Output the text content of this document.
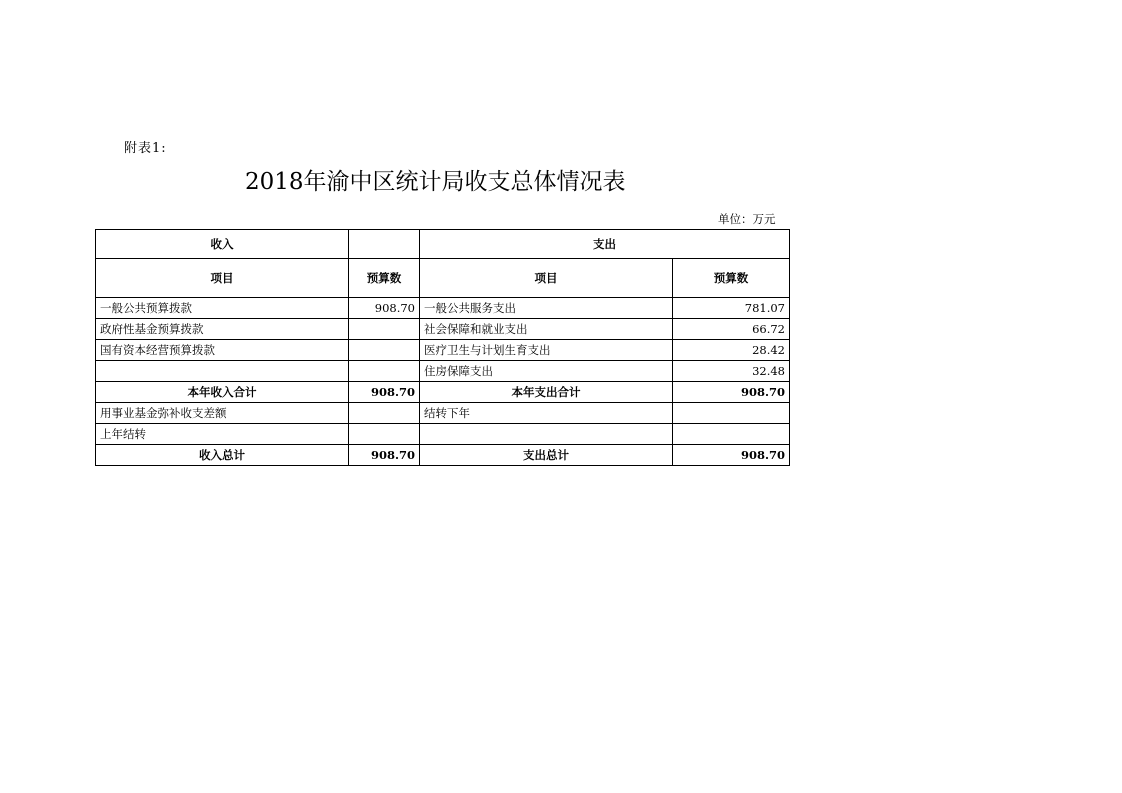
附表1:
2018年渝中区统计局收支总体情况表
单位：万元
收入		支出	
项目	预算数	项目	预算数
一般公共预算拨款	908.70	一般公共服务支出	781.07
政府性基金预算拨款		社会保障和就业支出	66.72
国有资本经营预算拨款		医疗卫生与计划生育支出	28.42
		住房保障支出	32.48
本年收入合计	908.70	本年支出合计	908.70
用事业基金弥补收支差额		结转下年	
上年结转			
收入总计	908.70	支出总计	908.70
